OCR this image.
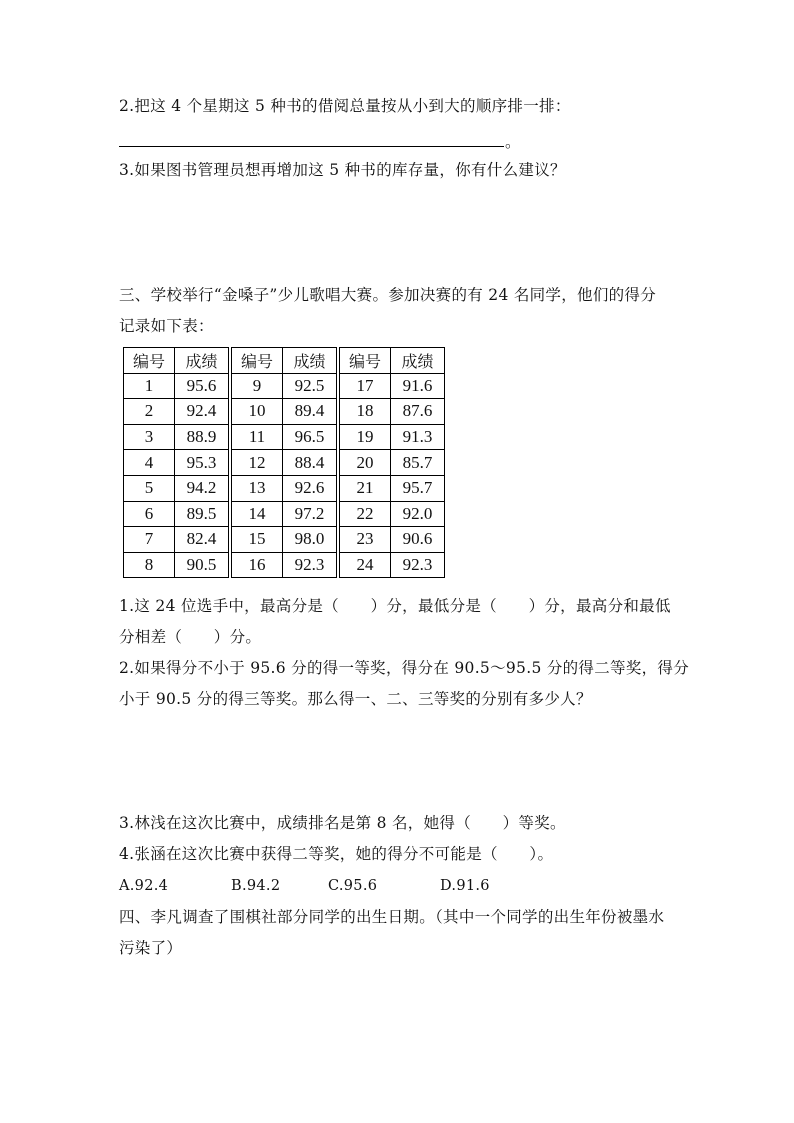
2.把这 4 个星期这 5 种书的借阅总量按从小到大的顺序排一排：
。
3.如果图书管理员想再增加这 5 种书的库存量，你有什么建议？
三、学校举行“金嗓子”少儿歌唱大赛。参加决赛的有 24 名同学，他们的得分
记录如下表：
编号	成绩	编号	成绩	编号	成绩
1	95.6	9	92.5	17	91.6
2	92.4	10	89.4	18	87.6
3	88.9	11	96.5	19	91.3
4	95.3	12	88.4	20	85.7
5	94.2	13	92.6	21	95.7
6	89.5	14	97.2	22	92.0
7	82.4	15	98.0	23	90.6
8	90.5	16	92.3	24	92.3
1.这 24 位选手中，最高分是（　　）分，最低分是（　　）分，最高分和最低
分相差（　　）分。
2.如果得分不小于 95.6 分的得一等奖，得分在 90.5～95.5 分的得二等奖，得分
小于 90.5 分的得三等奖。那么得一、二、三等奖的分别有多少人？
3.林浅在这次比赛中，成绩排名是第 8 名，她得（　　）等奖。
4.张涵在这次比赛中获得二等奖，她的得分不可能是（　　）。
A.92.4	B.94.2	C.95.6	D.91.6
四、李凡调查了围棋社部分同学的出生日期。（其中一个同学的出生年份被墨水
污染了）
